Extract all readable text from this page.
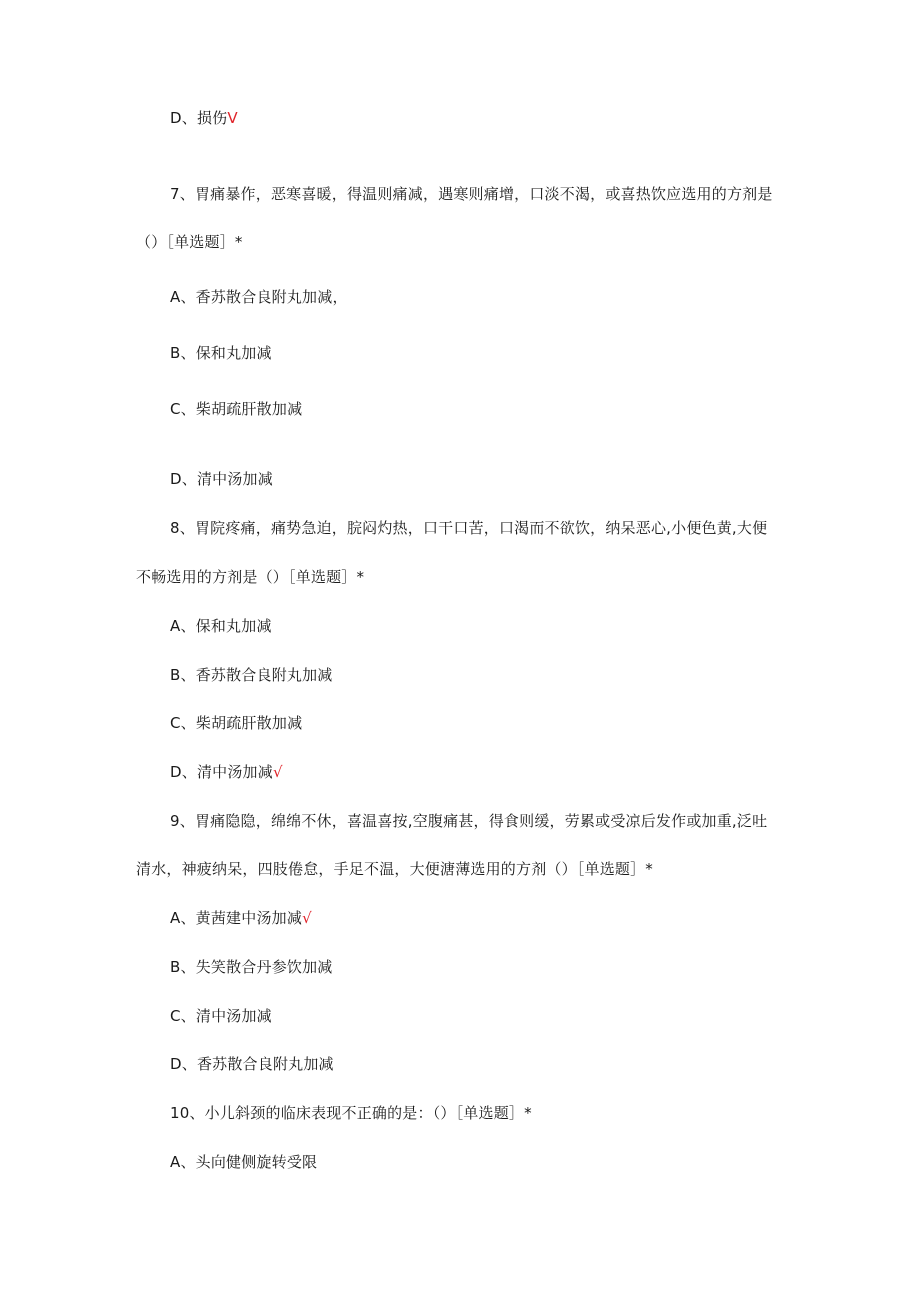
D、损伤V
7、胃痛暴作，恶寒喜暖，得温则痛减，遇寒则痛增，口淡不渴，或喜热饮应选用的方剂是
（）［单选题］*
A、香苏散合良附丸加减，
B、保和丸加减
C、柴胡疏肝散加减
D、清中汤加减
8、胃院疼痛，痛势急迫，脘闷灼热，口干口苦，口渴而不欲饮，纳呆恶心,小便色黄,大便
不畅选用的方剂是（）［单选题］*
A、保和丸加减
B、香苏散合良附丸加减
C、柴胡疏肝散加减
D、清中汤加减√
9、胃痛隐隐，绵绵不休，喜温喜按,空腹痛甚，得食则缓，劳累或受凉后发作或加重,泛吐
清水，神疲纳呆，四肢倦怠，手足不温，大便溏薄选用的方剂（）［单选题］*
A、黄茜建中汤加减√
B、失笑散合丹参饮加减
C、清中汤加减
D、香苏散合良附丸加减
10、小儿斜颈的临床表现不正确的是：（）［单选题］*
A、头向健侧旋转受限
